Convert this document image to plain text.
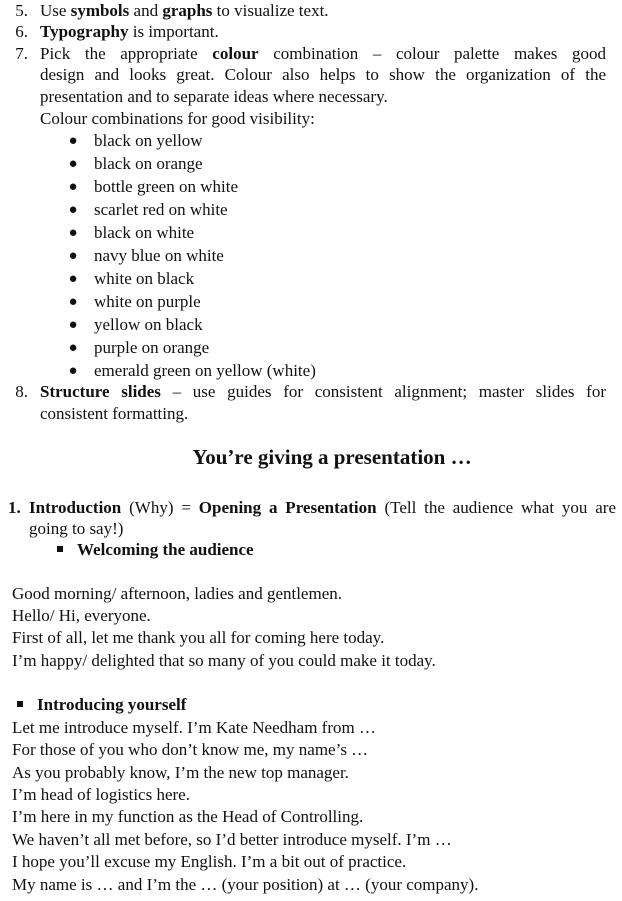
5. Use symbols and graphs to visualize text.
6. Typography is important.
7. Pick the appropriate colour combination – colour palette makes good
design and looks great. Colour also helps to show the organization of the
presentation and to separate ideas where necessary.
Colour combinations for good visibility:
● black on yellow
● black on orange
● bottle green on white
● scarlet red on white
● black on white
● navy blue on white
● white on black
● white on purple
● yellow on black
● purple on orange
● emerald green on yellow (white)
8. Structure slides – use guides for consistent alignment; master slides for
consistent formatting.
You’re giving a presentation …
1. Introduction (Why) = Opening a Presentation (Tell the audience what you are
going to say!)
Welcoming the audience
Good morning/ afternoon, ladies and gentlemen.
Hello/ Hi, everyone.
First of all, let me thank you all for coming here today.
I’m happy/ delighted that so many of you could make it today.
Introducing yourself
Let me introduce myself. I’m Kate Needham from …
For those of you who don’t know me, my name’s …
As you probably know, I’m the new top manager.
I’m head of logistics here.
I’m here in my function as the Head of Controlling.
We haven’t all met before, so I’d better introduce myself. I’m …
I hope you’ll excuse my English. I’m a bit out of practice.
My name is … and I’m the … (your position) at … (your company).
